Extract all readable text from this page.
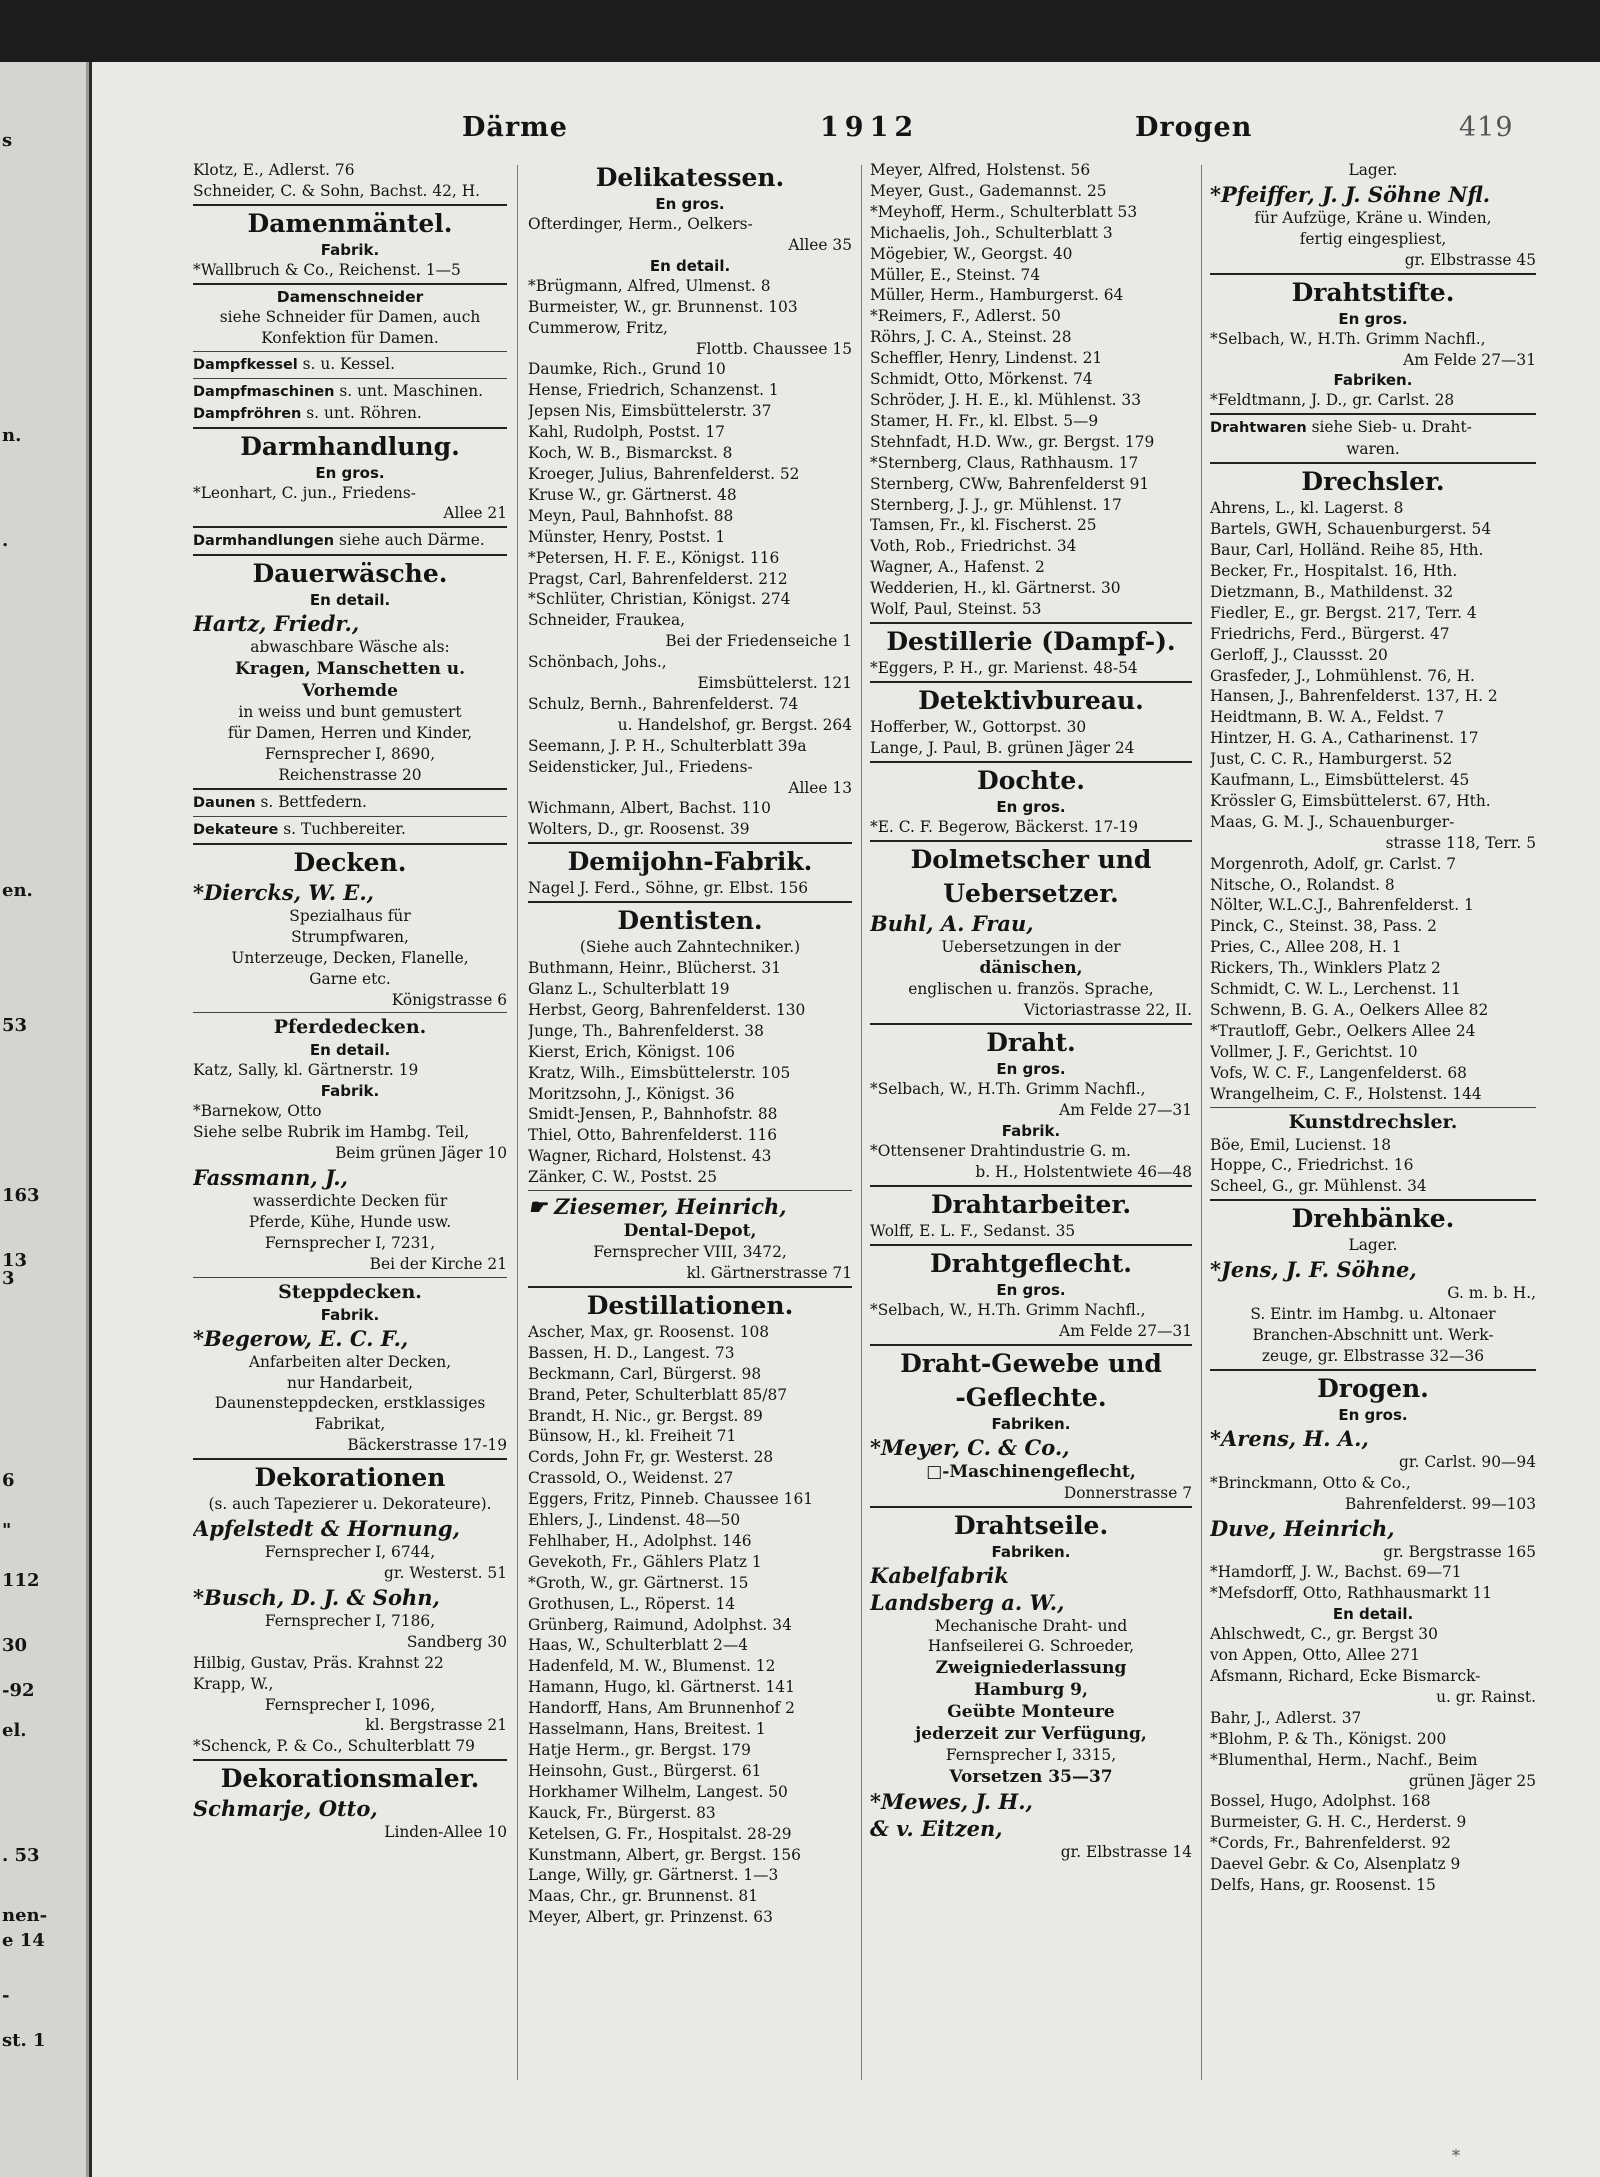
s
n.
.
en.
53
163
13
3
6
"
112
30
-92
el.
. 53
nen-
e 14
-
st. 1
Därme	1912	Drogen	419
Klotz, E., Adlerst. 76
Schneider, C. & Sohn, Bachst. 42, H.
Damenmäntel.
Fabrik.
*Wallbruch & Co., Reichenst. 1—5
Damenschneider
siehe Schneider für Damen, auch
Konfektion für Damen.
Dampfkessel s. u. Kessel.
Dampfmaschinen s. unt. Maschinen.
Dampfröhren s. unt. Röhren.
Darmhandlung.
En gros.
*Leonhart, C. jun., Friedens-
Allee 21
Darmhandlungen siehe auch Därme.
Dauerwäsche.
En detail.
Hartz, Friedr.,
abwaschbare Wäsche als:
Kragen, Manschetten u.
Vorhemde
in weiss und bunt gemustert
für Damen, Herren und Kinder,
Fernsprecher I, 8690,
Reichenstrasse 20
Daunen s. Bettfedern.
Dekateure s. Tuchbereiter.
Decken.
*Diercks, W. E.,
Spezialhaus für
Strumpfwaren,
Unterzeuge, Decken, Flanelle,
Garne etc.
Königstrasse 6
Pferdedecken.
En detail.
Katz, Sally, kl. Gärtnerstr. 19
Fabrik.
*Barnekow, Otto
Siehe selbe Rubrik im Hambg. Teil,
Beim grünen Jäger 10
Fassmann, J.,
wasserdichte Decken für
Pferde, Kühe, Hunde usw.
Fernsprecher I, 7231,
Bei der Kirche 21
Steppdecken.
Fabrik.
*Begerow, E. C. F.,
Anfarbeiten alter Decken,
nur Handarbeit,
Daunensteppdecken, erstklassiges
Fabrikat,
Bäckerstrasse 17-19
Dekorationen
(s. auch Tapezierer u. Dekorateure).
Apfelstedt & Hornung,
Fernsprecher I, 6744,
gr. Westerst. 51
*Busch, D. J. & Sohn,
Fernsprecher I, 7186,
Sandberg 30
Hilbig, Gustav, Präs. Krahnst 22
Krapp, W.,
Fernsprecher I, 1096,
kl. Bergstrasse 21
*Schenck, P. & Co., Schulterblatt 79
Dekorationsmaler.
Schmarje, Otto,
Linden-Allee 10
Delikatessen.
En gros.
Ofterdinger, Herm., Oelkers-
Allee 35
En detail.
*Brügmann, Alfred, Ulmenst. 8
Burmeister, W., gr. Brunnenst. 103
Cummerow, Fritz,
Flottb. Chaussee 15
Daumke, Rich., Grund 10
Hense, Friedrich, Schanzenst. 1
Jepsen Nis, Eimsbüttelerstr. 37
Kahl, Rudolph, Postst. 17
Koch, W. B., Bismarckst. 8
Kroeger, Julius, Bahrenfelderst. 52
Kruse W., gr. Gärtnerst. 48
Meyn, Paul, Bahnhofst. 88
Münster, Henry, Postst. 1
*Petersen, H. F. E., Königst. 116
Pragst, Carl, Bahrenfelderst. 212
*Schlüter, Christian, Königst. 274
Schneider, Fraukea,
Bei der Friedenseiche 1
Schönbach, Johs.,
Eimsbüttelerst. 121
Schulz, Bernh., Bahrenfelderst. 74
u. Handelshof, gr. Bergst. 264
Seemann, J. P. H., Schulterblatt 39a
Seidensticker, Jul., Friedens-
Allee 13
Wichmann, Albert, Bachst. 110
Wolters, D., gr. Roosenst. 39
Demijohn-Fabrik.
Nagel J. Ferd., Söhne, gr. Elbst. 156
Dentisten.
(Siehe auch Zahntechniker.)
Buthmann, Heinr., Blücherst. 31
Glanz L., Schulterblatt 19
Herbst, Georg, Bahrenfelderst. 130
Junge, Th., Bahrenfelderst. 38
Kierst, Erich, Königst. 106
Kratz, Wilh., Eimsbüttelerstr. 105
Moritzsohn, J., Königst. 36
Smidt-Jensen, P., Bahnhofstr. 88
Thiel, Otto, Bahrenfelderst. 116
Wagner, Richard, Holstenst. 43
Zänker, C. W., Postst. 25
☛ Ziesemer, Heinrich,
Dental-Depot,
Fernsprecher VIII, 3472,
kl. Gärtnerstrasse 71
Destillationen.
Ascher, Max, gr. Roosenst. 108
Bassen, H. D., Langest. 73
Beckmann, Carl, Bürgerst. 98
Brand, Peter, Schulterblatt 85/87
Brandt, H. Nic., gr. Bergst. 89
Bünsow, H., kl. Freiheit 71
Cords, John Fr, gr. Westerst. 28
Crassold, O., Weidenst. 27
Eggers, Fritz, Pinneb. Chaussee 161
Ehlers, J., Lindenst. 48—50
Fehlhaber, H., Adolphst. 146
Gevekoth, Fr., Gählers Platz 1
*Groth, W., gr. Gärtnerst. 15
Grothusen, L., Röperst. 14
Grünberg, Raimund, Adolphst. 34
Haas, W., Schulterblatt 2—4
Hadenfeld, M. W., Blumenst. 12
Hamann, Hugo, kl. Gärtnerst. 141
Handorff, Hans, Am Brunnenhof 2
Hasselmann, Hans, Breitest. 1
Hatje Herm., gr. Bergst. 179
Heinsohn, Gust., Bürgerst. 61
Horkhamer Wilhelm, Langest. 50
Kauck, Fr., Bürgerst. 83
Ketelsen, G. Fr., Hospitalst. 28-29
Kunstmann, Albert, gr. Bergst. 156
Lange, Willy, gr. Gärtnerst. 1—3
Maas, Chr., gr. Brunnenst. 81
Meyer, Albert, gr. Prinzenst. 63
Meyer, Alfred, Holstenst. 56
Meyer, Gust., Gademannst. 25
*Meyhoff, Herm., Schulterblatt 53
Michaelis, Joh., Schulterblatt 3
Mögebier, W., Georgst. 40
Müller, E., Steinst. 74
Müller, Herm., Hamburgerst. 64
*Reimers, F., Adlerst. 50
Röhrs, J. C. A., Steinst. 28
Scheffler, Henry, Lindenst. 21
Schmidt, Otto, Mörkenst. 74
Schröder, J. H. E., kl. Mühlenst. 33
Stamer, H. Fr., kl. Elbst. 5—9
Stehnfadt, H.D. Ww., gr. Bergst. 179
*Sternberg, Claus, Rathhausm. 17
Sternberg, CWw, Bahrenfelderst 91
Sternberg, J. J., gr. Mühlenst. 17
Tamsen, Fr., kl. Fischerst. 25
Voth, Rob., Friedrichst. 34
Wagner, A., Hafenst. 2
Wedderien, H., kl. Gärtnerst. 30
Wolf, Paul, Steinst. 53
Destillerie (Dampf-).
*Eggers, P. H., gr. Marienst. 48-54
Detektivbureau.
Hofferber, W., Gottorpst. 30
Lange, J. Paul, B. grünen Jäger 24
Dochte.
En gros.
*E. C. F. Begerow, Bäckerst. 17-19
Dolmetscher und
Uebersetzer.
Buhl, A. Frau,
Uebersetzungen in der
dänischen,
englischen u. französ. Sprache,
Victoriastrasse 22, II.
Draht.
En gros.
*Selbach, W., H.Th. Grimm Nachfl.,
Am Felde 27—31
Fabrik.
*Ottensener Drahtindustrie G. m.
b. H., Holstentwiete 46—48
Drahtarbeiter.
Wolff, E. L. F., Sedanst. 35
Drahtgeflecht.
En gros.
*Selbach, W., H.Th. Grimm Nachfl.,
Am Felde 27—31
Draht-Gewebe und
-Geflechte.
Fabriken.
*Meyer, C. & Co.,
□-Maschinengeflecht,
Donnerstrasse 7
Drahtseile.
Fabriken.
Kabelfabrik
Landsberg a. W.,
Mechanische Draht- und
Hanfseilerei G. Schroeder,
Zweigniederlassung
Hamburg 9,
Geübte Monteure
jederzeit zur Verfügung,
Fernsprecher I, 3315,
Vorsetzen 35—37
*Mewes, J. H.,
& v. Eitzen,
gr. Elbstrasse 14
Lager.
*Pfeiffer, J. J. Söhne Nfl.
für Aufzüge, Kräne u. Winden,
fertig eingespliest,
gr. Elbstrasse 45
Drahtstifte.
En gros.
*Selbach, W., H.Th. Grimm Nachfl.,
Am Felde 27—31
Fabriken.
*Feldtmann, J. D., gr. Carlst. 28
Drahtwaren siehe Sieb- u. Draht-
waren.
Drechsler.
Ahrens, L., kl. Lagerst. 8
Bartels, GWH, Schauenburgerst. 54
Baur, Carl, Holländ. Reihe 85, Hth.
Becker, Fr., Hospitalst. 16, Hth.
Dietzmann, B., Mathildenst. 32
Fiedler, E., gr. Bergst. 217, Terr. 4
Friedrichs, Ferd., Bürgerst. 47
Gerloff, J., Claussst. 20
Grasfeder, J., Lohmühlenst. 76, H.
Hansen, J., Bahrenfelderst. 137, H. 2
Heidtmann, B. W. A., Feldst. 7
Hintzer, H. G. A., Catharinenst. 17
Just, C. C. R., Hamburgerst. 52
Kaufmann, L., Eimsbüttelerst. 45
Krössler G, Eimsbüttelerst. 67, Hth.
Maas, G. M. J., Schauenburger-
strasse 118, Terr. 5
Morgenroth, Adolf, gr. Carlst. 7
Nitsche, O., Rolandst. 8
Nölter, W.L.C.J., Bahrenfelderst. 1
Pinck, C., Steinst. 38, Pass. 2
Pries, C., Allee 208, H. 1
Rickers, Th., Winklers Platz 2
Schmidt, C. W. L., Lerchenst. 11
Schwenn, B. G. A., Oelkers Allee 82
*Trautloff, Gebr., Oelkers Allee 24
Vollmer, J. F., Gerichtst. 10
Vofs, W. C. F., Langenfelderst. 68
Wrangelheim, C. F., Holstenst. 144
Kunstdrechsler.
Böe, Emil, Lucienst. 18
Hoppe, C., Friedrichst. 16
Scheel, G., gr. Mühlenst. 34
Drehbänke.
Lager.
*Jens, J. F. Söhne,
G. m. b. H.,
S. Eintr. im Hambg. u. Altonaer
Branchen-Abschnitt unt. Werk-
zeuge, gr. Elbstrasse 32—36
Drogen.
En gros.
*Arens, H. A.,
gr. Carlst. 90—94
*Brinckmann, Otto & Co.,
Bahrenfelderst. 99—103
Duve, Heinrich,
gr. Bergstrasse 165
*Hamdorff, J. W., Bachst. 69—71
*Mefsdorff, Otto, Rathhausmarkt 11
En detail.
Ahlschwedt, C., gr. Bergst 30
von Appen, Otto, Allee 271
Afsmann, Richard, Ecke Bismarck-
u. gr. Rainst.
Bahr, J., Adlerst. 37
*Blohm, P. & Th., Königst. 200
*Blumenthal, Herm., Nachf., Beim
grünen Jäger 25
Bossel, Hugo, Adolphst. 168
Burmeister, G. H. C., Herderst. 9
*Cords, Fr., Bahrenfelderst. 92
Daevel Gebr. & Co, Alsenplatz 9
Delfs, Hans, gr. Roosenst. 15
*
